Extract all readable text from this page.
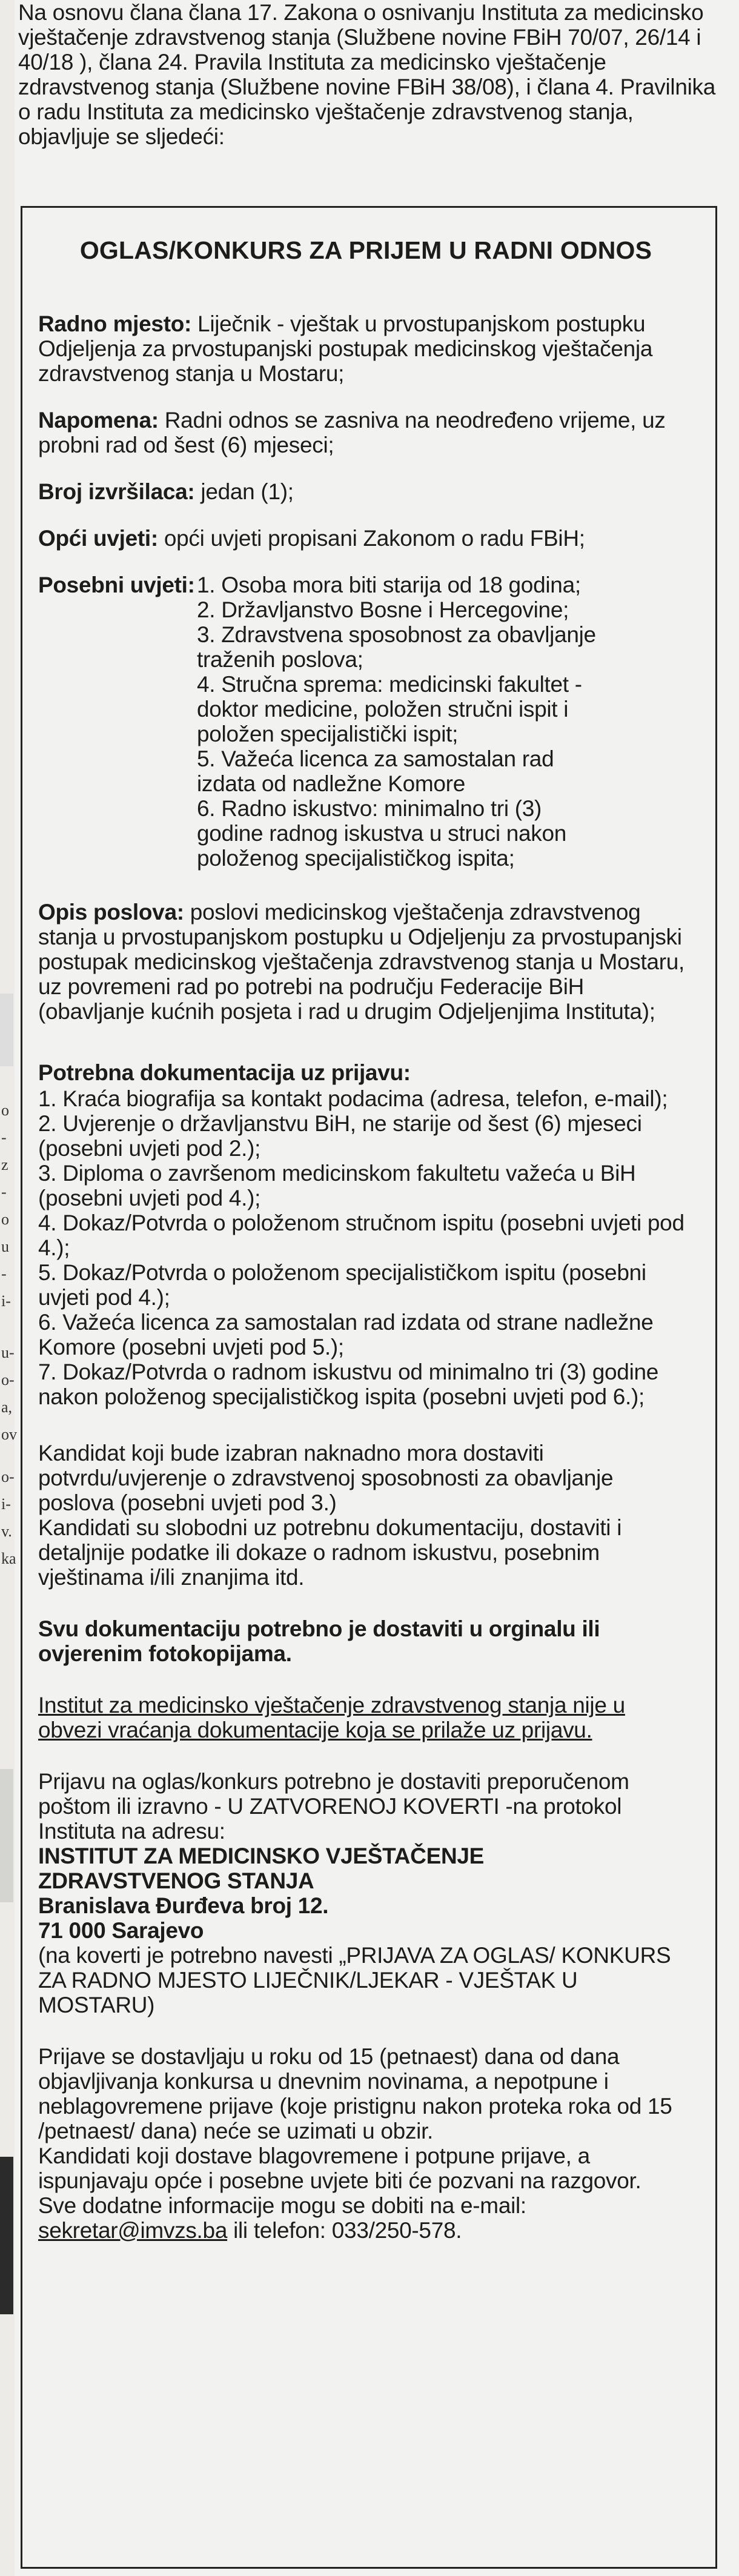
o
-
z
-
o
u
-
i-
u-
o-
a,
ov
o-
i-
v.
ka

Na osnovu člana člana 17. Zakona o osnivanju Instituta za medicinsko vještačenje zdravstvenog stanja (Službene novine FBiH 70/07, 26/14 i 40/18 ), člana 24. Pravila Instituta za medicinsko vještačenje zdravstvenog stanja (Službene novine FBiH 38/08), i člana 4. Pravilnika o radu Instituta za medicinsko vještačenje zdravstvenog stanja, objavljuje se sljedeći:

OGLAS/KONKURS ZA PRIJEM U RADNI ODNOS

Radno mjesto: Liječnik - vještak u prvostupanjskom postupku Odjeljenja za prvostupanjski postupak medicinskog vještačenja zdravstvenog stanja u Mostaru;

Napomena: Radni odnos se zasniva na neodređeno vrijeme, uz probni rad od šest (6) mjeseci;

Broj izvršilaca: jedan (1);

Opći uvjeti: opći uvjeti propisani Zakonom o radu FBiH;

Posebni uvjeti: 1. Osoba mora biti starija od 18 godina;
2. Državljanstvo Bosne i Hercegovine;
3. Zdravstvena sposobnost za obavljanje traženih poslova;
4. Stručna sprema: medicinski fakultet - doktor medicine, položen stručni ispit i položen specijalistički ispit;
5. Važeća licenca za samostalan rad izdata od nadležne Komore
6. Radno iskustvo: minimalno tri (3) godine radnog iskustva u struci nakon položenog specijalističkog ispita;

Opis poslova: poslovi medicinskog vještačenja zdravstvenog stanja u prvostupanjskom postupku u Odjeljenju za prvostupanjski postupak medicinskog vještačenja zdravstvenog stanja u Mostaru, uz povremeni rad po potrebi na području Federacije BiH (obavljanje kućnih posjeta i rad u drugim Odjeljenjima Instituta);

Potrebna dokumentacija uz prijavu:

1. Kraća biografija sa kontakt podacima (adresa, telefon, e-mail);
2. Uvjerenje o državljanstvu BiH, ne starije od šest (6) mjeseci (posebni uvjeti pod 2.);
3. Diploma o završenom medicinskom fakultetu važeća u BiH (posebni uvjeti pod 4.);
4. Dokaz/Potvrda o položenom stručnom ispitu (posebni uvjeti pod 4.);
5. Dokaz/Potvrda o položenom specijalističkom ispitu (posebni uvjeti pod 4.);
6. Važeća licenca za samostalan rad izdata od strane nadležne Komore (posebni uvjeti pod 5.);
7. Dokaz/Potvrda o radnom iskustvu od minimalno tri (3) godine nakon položenog specijalističkog ispita (posebni uvjeti pod 6.);

Kandidat koji bude izabran naknadno mora dostaviti potvrdu/uvjerenje o zdravstvenoj sposobnosti za obavljanje poslova (posebni uvjeti pod 3.)

Kandidati su slobodni uz potrebnu dokumentaciju, dostaviti i detaljnije podatke ili dokaze o radnom iskustvu, posebnim vještinama i/ili znanjima itd.

Svu dokumentaciju potrebno je dostaviti u orginalu ili ovjerenim fotokopijama.

Institut za medicinsko vještačenje zdravstvenog stanja nije u obvezi vraćanja dokumentacije koja se prilaže uz prijavu.

Prijavu na oglas/konkurs potrebno je dostaviti preporučenom poštom ili izravno - U ZATVORENOJ KOVERTI -na protokol Instituta na adresu:

INSTITUT ZA MEDICINSKO VJEŠTAČENJE
ZDRAVSTVENOG STANJA
Branislava Đurđeva broj 12.
71 000 Sarajevo

(na koverti je potrebno navesti „PRIJAVA ZA OGLAS/ KONKURS ZA RADNO MJESTO LIJEČNIK/LJEKAR - VJEŠTAK U MOSTARU)

Prijave se dostavljaju u roku od 15 (petnaest) dana od dana objavljivanja konkursa u dnevnim novinama, a nepotpune i neblagovremene prijave (koje pristignu nakon proteka roka od 15 /petnaest/ dana) neće se uzimati u obzir.

Kandidati koji dostave blagovremene i potpune prijave, a ispunjavaju opće i posebne uvjete biti će pozvani na razgovor.

Sve dodatne informacije mogu se dobiti na e-mail:
sekretar@imvzs.ba ili telefon: 033/250-578.
